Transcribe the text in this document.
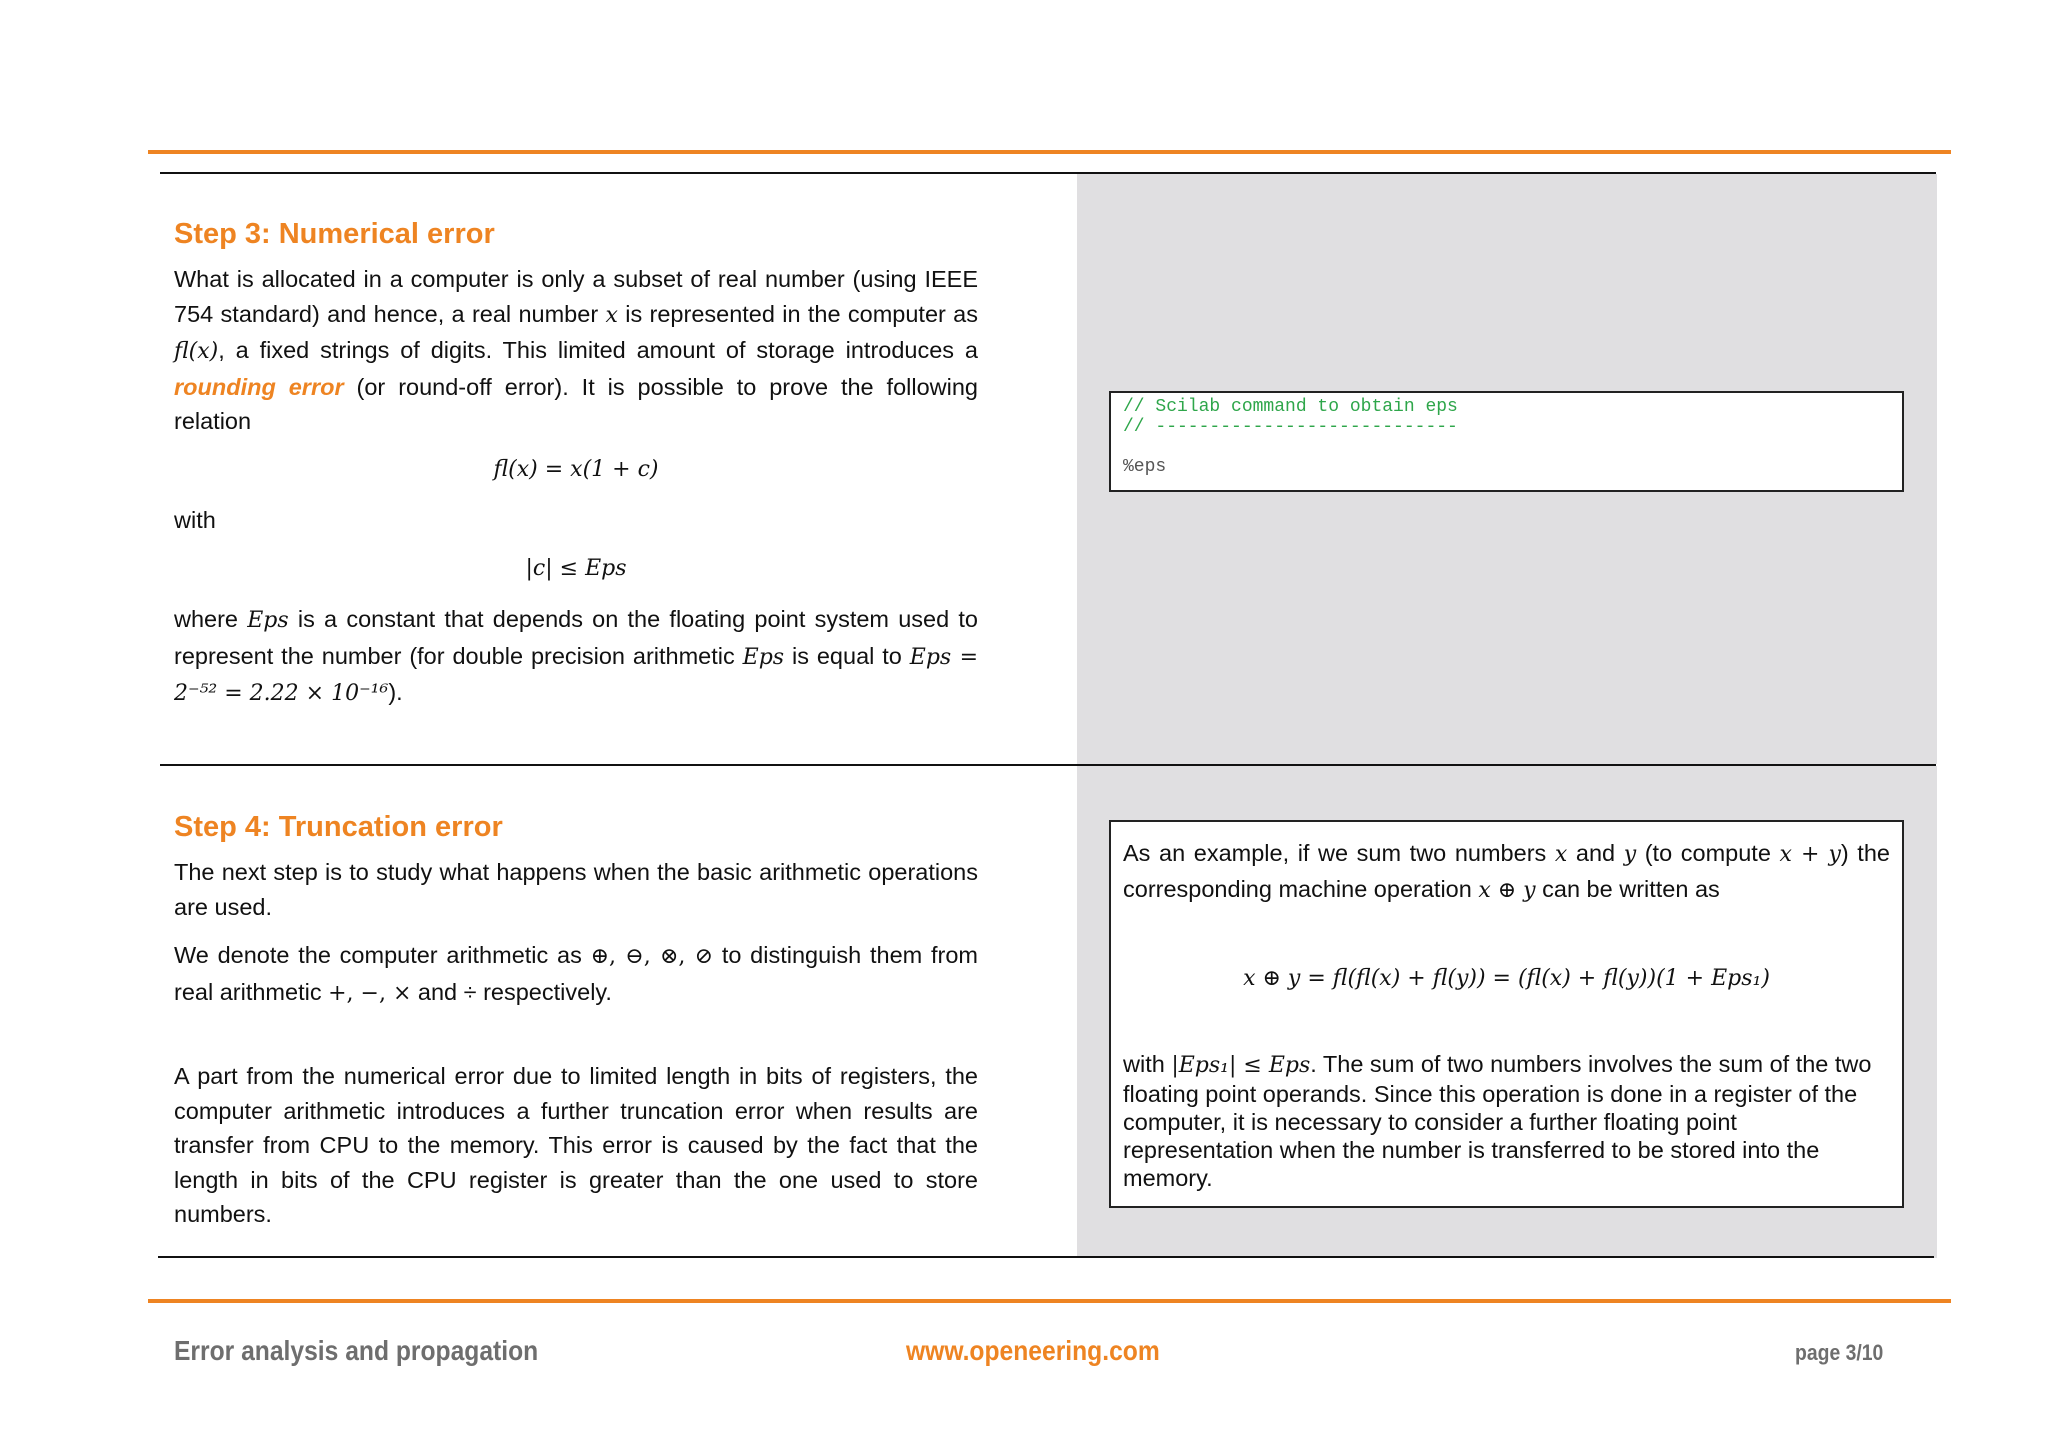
Step 3: Numerical error

What is allocated in a computer is only a subset of real number (using IEEE 754 standard) and hence, a real number x is represented in the computer as fl(x), a fixed strings of digits. This limited amount of storage introduces a rounding error (or round-off error). It is possible to prove the following relation

fl(x) = x(1 + c)

with

|c| ≤ Eps

where Eps is a constant that depends on the floating point system used to represent the number (for double precision arithmetic Eps is equal to Eps = 2⁻⁵² = 2.22 × 10⁻¹⁶).

// Scilab command to obtain eps
// ----------------------------

%eps
Step 4: Truncation error

The next step is to study what happens when the basic arithmetic operations are used.

We denote the computer arithmetic as ⊕, ⊖, ⊗, ⊘ to distinguish them from real arithmetic +, −, × and ÷ respectively.

A part from the numerical error due to limited length in bits of registers, the computer arithmetic introduces a further truncation error when results are transfer from CPU to the memory. This error is caused by the fact that the length in bits of the CPU register is greater than the one used to store numbers.

As an example, if we sum two numbers x and y (to compute x + y) the corresponding machine operation x ⊕ y can be written as

x ⊕ y = fl(fl(x) + fl(y)) = (fl(x) + fl(y))(1 + Eps₁)

with |Eps₁| ≤ Eps. The sum of two numbers involves the sum of the two floating point operands. Since this operation is done in a register of the computer, it is necessary to consider a further floating point representation when the number is transferred to be stored into the memory.

Error analysis and propagation	www.openeering.com	page 3/10
